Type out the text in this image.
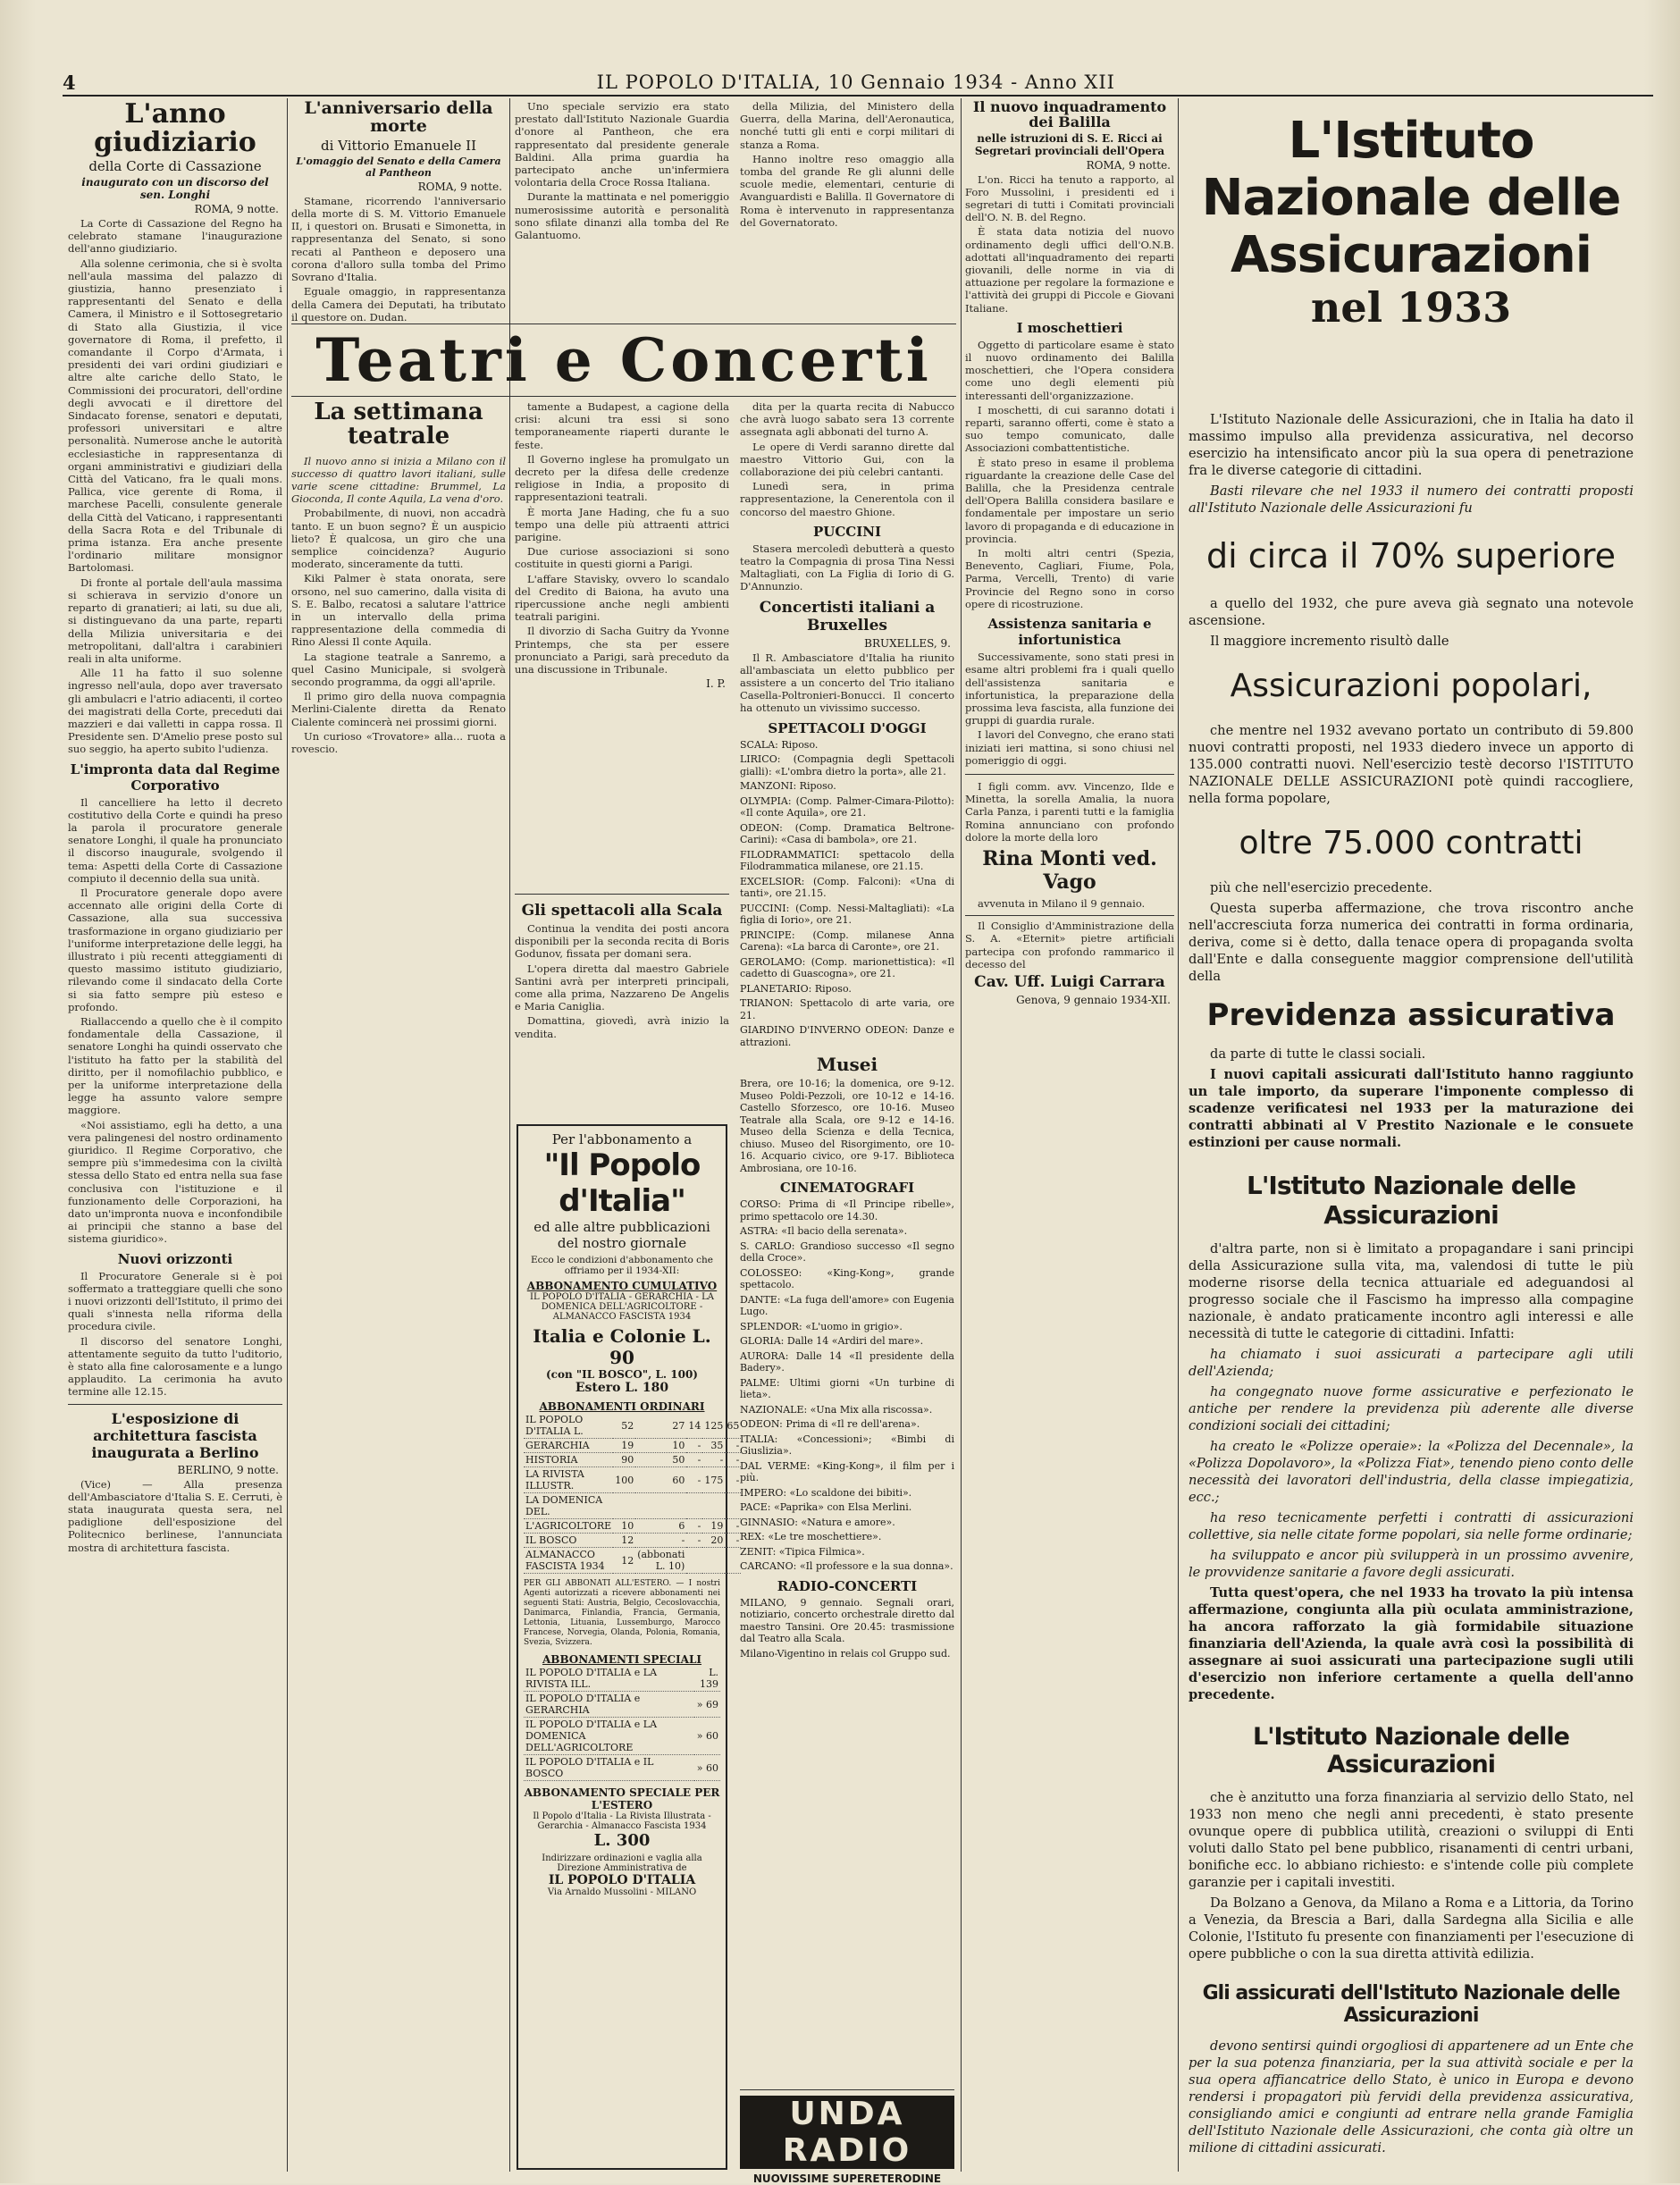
4	IL POPOLO D'ITALIA, 10 Gennaio 1934 - Anno XII
L'anno giudiziario
della Corte di Cassazione
inaugurato con un discorso del sen. Longhi
ROMA, 9 notte.

La Corte di Cassazione del Regno ha celebrato stamane l'inaugurazione dell'anno giudiziario.

Alla solenne cerimonia, che si è svolta nell'aula massima del palazzo di giustizia, hanno presenziato i rappresentanti del Senato e della Camera, il Ministro e il Sottosegretario di Stato alla Giustizia, il vice governatore di Roma, il prefetto, il comandante il Corpo d'Armata, i presidenti dei vari ordini giudiziari e altre alte cariche dello Stato, le Commissioni dei procuratori, dell'ordine degli avvocati e il direttore del Sindacato forense, senatori e deputati, professori universitari e altre personalità. Numerose anche le autorità ecclesiastiche in rappresentanza di organi amministrativi e giudiziari della Città del Vaticano, fra le quali mons. Pallica, vice gerente di Roma, il marchese Pacelli, consulente generale della Città del Vaticano, i rappresentanti della Sacra Rota e del Tribunale di prima istanza. Era anche presente l'ordinario militare monsignor Bartolomasi.

Di fronte al portale dell'aula massima si schierava in servizio d'onore un reparto di granatieri; ai lati, su due ali, si distinguevano da una parte, reparti della Milizia universitaria e dei metropolitani, dall'altra i carabinieri reali in alta uniforme.

Alle 11 ha fatto il suo solenne ingresso nell'aula, dopo aver traversato gli ambulacri e l'atrio adiacenti, il corteo dei magistrati della Corte, preceduti dai mazzieri e dai valletti in cappa rossa. Il Presidente sen. D'Amelio prese posto sul suo seggio, ha aperto subito l'udienza.

L'impronta data dal Regime Corporativo

Il cancelliere ha letto il decreto costitutivo della Corte e quindi ha preso la parola il procuratore generale senatore Longhi, il quale ha pronunciato il discorso inaugurale, svolgendo il tema: Aspetti della Corte di Cassazione compiuto il decennio della sua unità.

Il Procuratore generale dopo avere accennato alle origini della Corte di Cassazione, alla sua successiva trasformazione in organo giudiziario per l'uniforme interpretazione delle leggi, ha illustrato i più recenti atteggiamenti di questo massimo istituto giudiziario, rilevando come il sindacato della Corte si sia fatto sempre più esteso e profondo.

Riallaccendo a quello che è il compito fondamentale della Cassazione, il senatore Longhi ha quindi osservato che l'istituto ha fatto per la stabilità del diritto, per il nomofilachio pubblico, e per la uniforme interpretazione della legge ha assunto valore sempre maggiore.

«Noi assistiamo, egli ha detto, a una vera palingenesi del nostro ordinamento giuridico. Il Regime Corporativo, che sempre più s'immedesima con la civiltà stessa dello Stato ed entra nella sua fase conclusiva con l'istituzione e il funzionamento delle Corporazioni, ha dato un'impronta nuova e inconfondibile ai principii che stanno a base del sistema giuridico».

Nuovi orizzonti

Il Procuratore Generale si è poi soffermato a tratteggiare quelli che sono i nuovi orizzonti dell'Istituto, il primo dei quali s'innesta nella riforma della procedura civile.

Il discorso del senatore Longhi, attentamente seguito da tutto l'uditorio, è stato alla fine calorosamente e a lungo applaudito. La cerimonia ha avuto termine alle 12.15.

L'esposizione di architettura fascista inaugurata a Berlino
BERLINO, 9 notte.

(Vice) — Alla presenza dell'Ambasciatore d'Italia S. E. Cerruti, è stata inaugurata questa sera, nel padiglione dell'esposizione del Politecnico berlinese, l'annunciata mostra di architettura fascista.

L'anniversario della morte
di Vittorio Emanuele II
L'omaggio del Senato e della Camera al Pantheon
ROMA, 9 notte.

Stamane, ricorrendo l'anniversario della morte di S. M. Vittorio Emanuele II, i questori on. Brusati e Simonetta, in rappresentanza del Senato, si sono recati al Pantheon e deposero una corona d'alloro sulla tomba del Primo Sovrano d'Italia.

Eguale omaggio, in rappresentanza della Camera dei Deputati, ha tributato il questore on. Dudan.

Uno speciale servizio era stato prestato dall'Istituto Nazionale Guardia d'onore al Pantheon, che era rappresentato dal presidente generale Baldini. Alla prima guardia ha partecipato anche un'infermiera volontaria della Croce Rossa Italiana.

Durante la mattinata e nel pomeriggio numerosissime autorità e personalità sono sfilate dinanzi alla tomba del Re Galantuomo.

della Milizia, del Ministero della Guerra, della Marina, dell'Aeronautica, nonché tutti gli enti e corpi militari di stanza a Roma.

Hanno inoltre reso omaggio alla tomba del grande Re gli alunni delle scuole medie, elementari, centurie di Avanguardisti e Balilla. Il Governatore di Roma è intervenuto in rappresentanza del Governatorato.

Teatri e Concerti
La settimana teatrale

Il nuovo anno si inizia a Milano con il successo di quattro lavori italiani, sulle varie scene cittadine: Brummel, La Gioconda, Il conte Aquila, La vena d'oro.

Probabilmente, di nuovi, non accadrà tanto. E un buon segno? È un auspicio lieto? È qualcosa, un giro che una semplice coincidenza? Augurio moderato, sinceramente da tutti.

Kiki Palmer è stata onorata, sere orsono, nel suo camerino, dalla visita di S. E. Balbo, recatosi a salutare l'attrice in un intervallo della prima rappresentazione della commedia di Rino Alessi Il conte Aquila.

La stagione teatrale a Sanremo, a quel Casino Municipale, si svolgerà secondo programma, da oggi all'aprile.

Il primo giro della nuova compagnia Merlini-Cialente diretta da Renato Cialente comincerà nei prossimi giorni.

Un curioso «Trovatore» alla... ruota a rovescio.

tamente a Budapest, a cagione della crisi: alcuni tra essi si sono temporaneamente riaperti durante le feste.

Il Governo inglese ha promulgato un decreto per la difesa delle credenze religiose in India, a proposito di rappresentazioni teatrali.

È morta Jane Hading, che fu a suo tempo una delle più attraenti attrici parigine.

Due curiose associazioni si sono costituite in questi giorni a Parigi.

L'affare Stavisky, ovvero lo scandalo del Credito di Baiona, ha avuto una ripercussione anche negli ambienti teatrali parigini.

Il divorzio di Sacha Guitry da Yvonne Printemps, che sta per essere pronunciato a Parigi, sarà preceduto da una discussione in Tribunale.

I. P.
Gli spettacoli alla Scala

Continua la vendita dei posti ancora disponibili per la seconda recita di Boris Godunov, fissata per domani sera.

L'opera diretta dal maestro Gabriele Santini avrà per interpreti principali, come alla prima, Nazzareno De Angelis e Maria Caniglia.

Domattina, giovedì, avrà inizio la vendita.

Per l'abbonamento a
"Il Popolo d'Italia"
ed alle altre pubblicazioni
del nostro giornale
Ecco le condizioni d'abbonamento che offriamo per il 1934-XII:
ABBONAMENTO CUMULATIVO
IL POPOLO D'ITALIA - GERARCHIA - LA DOMENICA DELL'AGRICOLTORE - ALMANACCO FASCISTA 1934
Italia e Colonie L. 90
(con "IL BOSCO", L. 100)
Estero L. 180
ABBONAMENTI ORDINARI
IL POPOLO D'ITALIA L.	52	27	14	125	65
GERARCHIA	19	10	-	35	-
HISTORIA	90	50	-	-	-
LA RIVISTA ILLUSTR.	100	60	-	175	-
LA DOMENICA DEL.					
L'AGRICOLTORE	10	6	-	19	-
IL BOSCO	12	-	-	20	-
ALMANACCO FASCISTA 1934	12	(abbonati L. 10)			
PER GLI ABBONATI ALL'ESTERO. — I nostri Agenti autorizzati a ricevere abbonamenti nei seguenti Stati: Austria, Belgio, Cecoslovacchia, Danimarca, Finlandia, Francia, Germania, Lettonia, Lituania, Lussemburgo, Marocco Francese, Norvegia, Olanda, Polonia, Romania, Svezia, Svizzera.
ABBONAMENTI SPECIALI
IL POPOLO D'ITALIA e LA RIVISTA ILL.	L. 139
IL POPOLO D'ITALIA e GERARCHIA	» 69
IL POPOLO D'ITALIA e LA DOMENICA DELL'AGRICOLTORE	» 60
IL POPOLO D'ITALIA e IL BOSCO	» 60
ABBONAMENTO SPECIALE PER L'ESTERO
Il Popolo d'Italia - La Rivista Illustrata - Gerarchia - Almanacco Fascista 1934
L. 300
Indirizzare ordinazioni e vaglia alla Direzione Amministrativa de
IL POPOLO D'ITALIA
Via Arnaldo Mussolini - MILANO

dita per la quarta recita di Nabucco che avrà luogo sabato sera 13 corrente assegnata agli abbonati del turno A.

Le opere di Verdi saranno dirette dal maestro Vittorio Gui, con la collaborazione dei più celebri cantanti.

Lunedì sera, in prima rappresentazione, la Cenerentola con il concorso del maestro Ghione.

PUCCINI

Stasera mercoledì debutterà a questo teatro la Compagnia di prosa Tina Nessi Maltagliati, con La Figlia di Iorio di G. D'Annunzio.

Concertisti italiani a Bruxelles
BRUXELLES, 9.

Il R. Ambasciatore d'Italia ha riunito all'ambasciata un eletto pubblico per assistere a un concerto del Trio italiano Casella-Poltronieri-Bonucci. Il concerto ha ottenuto un vivissimo successo.

SPETTACOLI D'OGGI
SCALA: Riposo.
LIRICO: (Compagnia degli Spettacoli gialli): «L'ombra dietro la porta», alle 21.
MANZONI: Riposo.
OLYMPIA: (Comp. Palmer-Cimara-Pilotto): «Il conte Aquila», ore 21.
ODEON: (Comp. Dramatica Beltrone-Carini): «Casa di bambola», ore 21.
FILODRAMMATICI: spettacolo della Filodrammatica milanese, ore 21.15.
EXCELSIOR: (Comp. Falconi): «Una di tanti», ore 21.15.
PUCCINI: (Comp. Nessi-Maltagliati): «La figlia di Iorio», ore 21.
PRINCIPE: (Comp. milanese Anna Carena): «La barca di Caronte», ore 21.
GEROLAMO: (Comp. marionettistica): «Il cadetto di Guascogna», ore 21.
PLANETARIO: Riposo.
TRIANON: Spettacolo di arte varia, ore 21.
GIARDINO D'INVERNO ODEON: Danze e attrazioni.
Musei
Brera, ore 10-16; la domenica, ore 9-12. Museo Poldi-Pezzoli, ore 10-12 e 14-16. Castello Sforzesco, ore 10-16. Museo Teatrale alla Scala, ore 9-12 e 14-16. Museo della Scienza e della Tecnica, chiuso. Museo del Risorgimento, ore 10-16. Acquario civico, ore 9-17. Biblioteca Ambrosiana, ore 10-16.
CINEMATOGRAFI
CORSO: Prima di «Il Principe ribelle», primo spettacolo ore 14.30.
ASTRA: «Il bacio della serenata».
S. CARLO: Grandioso successo «Il segno della Croce».
COLOSSEO: «King-Kong», grande spettacolo.
DANTE: «La fuga dell'amore» con Eugenia Lugo.
SPLENDOR: «L'uomo in grigio».
GLORIA: Dalle 14 «Ardiri del mare».
AURORA: Dalle 14 «Il presidente della Badery».
PALME: Ultimi giorni «Un turbine di lieta».
NAZIONALE: «Una Mix alla riscossa».
ODEON: Prima di «Il re dell'arena».
ITALIA: «Concessioni»; «Bimbi di Giuslizia».
DAL VERME: «King-Kong», il film per i più.
IMPERO: «Lo scaldone dei bibiti».
PACE: «Paprika» con Elsa Merlini.
GINNASIO: «Natura e amore».
REX: «Le tre moschettiere».
ZENIT: «Tipica Filmica».
CARCANO: «Il professore e la sua donna».
RADIO-CONCERTI
MILANO, 9 gennaio. Segnali orari, notiziario, concerto orchestrale diretto dal maestro Tansini. Ore 20.45: trasmissione dal Teatro alla Scala.
Milano-Vigentino in relais col Gruppo sud.
UNDA RADIO
NUOVISSIME SUPERETERODINE
Il nuovo inquadramento dei Balilla
nelle istruzioni di S. E. Ricci ai Segretari provinciali dell'Opera
ROMA, 9 notte.

L'on. Ricci ha tenuto a rapporto, al Foro Mussolini, i presidenti ed i segretari di tutti i Comitati provinciali dell'O. N. B. del Regno.

È stata data notizia del nuovo ordinamento degli uffici dell'O.N.B. adottati all'inquadramento dei reparti giovanili, delle norme in via di attuazione per regolare la formazione e l'attività dei gruppi di Piccole e Giovani Italiane.

I moschettieri

Oggetto di particolare esame è stato il nuovo ordinamento dei Balilla moschettieri, che l'Opera considera come uno degli elementi più interessanti dell'organizzazione.

I moschetti, di cui saranno dotati i reparti, saranno offerti, come è stato a suo tempo comunicato, dalle Associazioni combattentistiche.

È stato preso in esame il problema riguardante la creazione delle Case del Balilla, che la Presidenza centrale dell'Opera Balilla considera basilare e fondamentale per impostare un serio lavoro di propaganda e di educazione in provincia.

In molti altri centri (Spezia, Benevento, Cagliari, Fiume, Pola, Parma, Vercelli, Trento) di varie Provincie del Regno sono in corso opere di ricostruzione.

Assistenza sanitaria e infortunistica

Successivamente, sono stati presi in esame altri problemi fra i quali quello dell'assistenza sanitaria e infortunistica, la preparazione della prossima leva fascista, alla funzione dei gruppi di guardia rurale.

I lavori del Convegno, che erano stati iniziati ieri mattina, si sono chiusi nel pomeriggio di oggi.

I figli comm. avv. Vincenzo, Ilde e Minetta, la sorella Amalia, la nuora Carla Panza, i parenti tutti e la famiglia Romina annunciano con profondo dolore la morte della loro

Rina Monti ved. Vago

avvenuta in Milano il 9 gennaio.

Il Consiglio d'Amministrazione della S. A. «Eternit» pietre artificiali partecipa con profondo rammarico il decesso del

Cav. Uff. Luigi Carrara
Genova, 9 gennaio 1934-XII.
L'Istituto Nazionale delle Assicurazioni
nel 1933

L'Istituto Nazionale delle Assicurazioni, che in Italia ha dato il massimo impulso alla previdenza assicurativa, nel decorso esercizio ha intensificato ancor più la sua opera di penetrazione fra le diverse categorie di cittadini.

Basti rilevare che nel 1933 il numero dei contratti proposti all'Istituto Nazionale delle Assicurazioni fu

di circa il 70% superiore

a quello del 1932, che pure aveva già segnato una notevole ascensione.

Il maggiore incremento risultò dalle

Assicurazioni popolari,

che mentre nel 1932 avevano portato un contributo di 59.800 nuovi contratti proposti, nel 1933 diedero invece un apporto di 135.000 contratti nuovi. Nell'esercizio testè decorso l'ISTITUTO NAZIONALE DELLE ASSICURAZIONI potè quindi raccogliere, nella forma popolare,

oltre 75.000 contratti

più che nell'esercizio precedente.

Questa superba affermazione, che trova riscontro anche nell'accresciuta forza numerica dei contratti in forma ordinaria, deriva, come si è detto, dalla tenace opera di propaganda svolta dall'Ente e dalla conseguente maggior comprensione dell'utilità della

Previdenza assicurativa

da parte di tutte le classi sociali.

I nuovi capitali assicurati dall'Istituto hanno raggiunto un tale importo, da superare l'imponente complesso di scadenze verificatesi nel 1933 per la maturazione dei contratti abbinati al V Prestito Nazionale e le consuete estinzioni per cause normali.

L'Istituto Nazionale delle Assicurazioni

d'altra parte, non si è limitato a propagandare i sani principi della Assicurazione sulla vita, ma, valendosi di tutte le più moderne risorse della tecnica attuariale ed adeguandosi al progresso sociale che il Fascismo ha impresso alla compagine nazionale, è andato praticamente incontro agli interessi e alle necessità di tutte le categorie di cittadini. Infatti:

ha chiamato i suoi assicurati a partecipare agli utili dell'Azienda;

ha congegnato nuove forme assicurative e perfezionato le antiche per rendere la previdenza più aderente alle diverse condizioni sociali dei cittadini;

ha creato le «Polizze operaie»: la «Polizza del Decennale», la «Polizza Dopolavoro», la «Polizza Fiat», tenendo pieno conto delle necessità dei lavoratori dell'industria, della classe impiegatizia, ecc.;

ha reso tecnicamente perfetti i contratti di assicurazioni collettive, sia nelle citate forme popolari, sia nelle forme ordinarie;

ha sviluppato e ancor più svilupperà in un prossimo avvenire, le provvidenze sanitarie a favore degli assicurati.

Tutta quest'opera, che nel 1933 ha trovato la più intensa affermazione, congiunta alla più oculata amministrazione, ha ancora rafforzato la già formidabile situazione finanziaria dell'Azienda, la quale avrà così la possibilità di assegnare ai suoi assicurati una partecipazione sugli utili d'esercizio non inferiore certamente a quella dell'anno precedente.

L'Istituto Nazionale delle Assicurazioni

che è anzitutto una forza finanziaria al servizio dello Stato, nel 1933 non meno che negli anni precedenti, è stato presente ovunque opere di pubblica utilità, creazioni o sviluppi di Enti voluti dallo Stato pel bene pubblico, risanamenti di centri urbani, bonifiche ecc. lo abbiano richiesto: e s'intende colle più complete garanzie per i capitali investiti.

Da Bolzano a Genova, da Milano a Roma e a Littoria, da Torino a Venezia, da Brescia a Bari, dalla Sardegna alla Sicilia e alle Colonie, l'Istituto fu presente con finanziamenti per l'esecuzione di opere pubbliche o con la sua diretta attività edilizia.

Gli assicurati dell'Istituto Nazionale delle Assicurazioni

devono sentirsi quindi orgogliosi di appartenere ad un Ente che per la sua potenza finanziaria, per la sua attività sociale e per la sua opera affiancatrice dello Stato, è unico in Europa e devono rendersi i propagatori più fervidi della previdenza assicurativa, consigliando amici e congiunti ad entrare nella grande Famiglia dell'Istituto Nazionale delle Assicurazioni, che conta già oltre un milione di cittadini assicurati.
